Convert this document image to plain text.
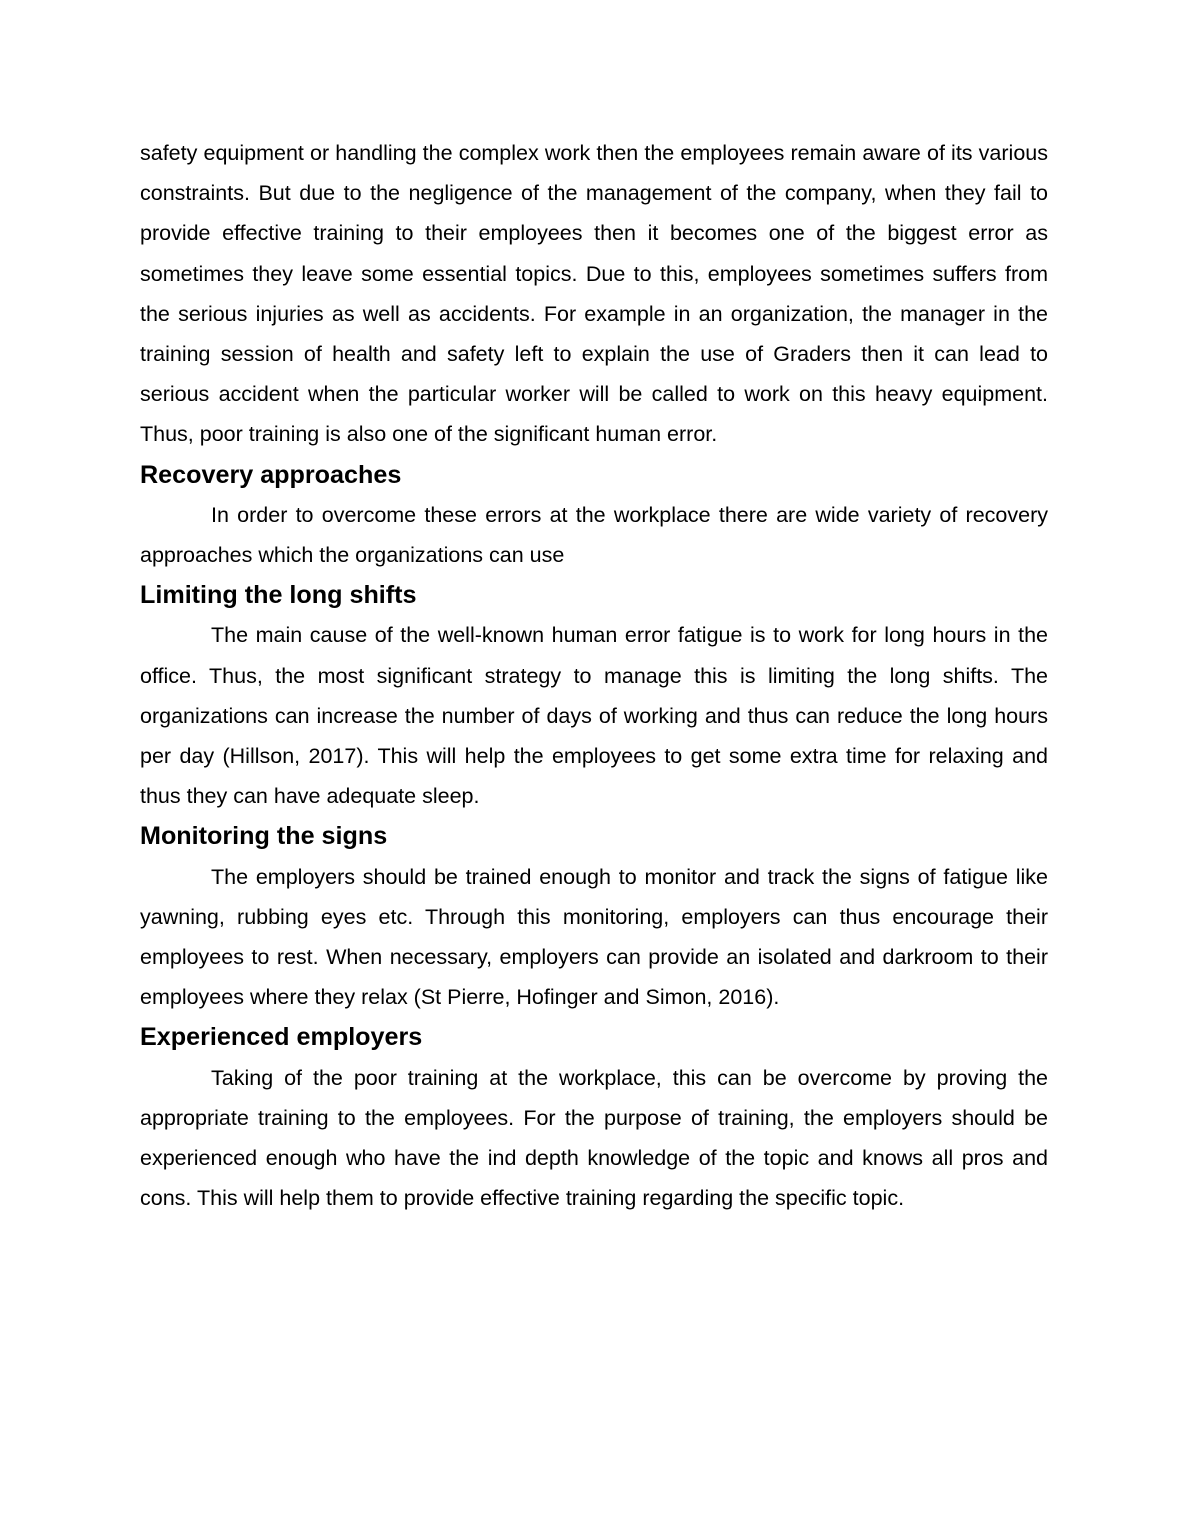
safety equipment or handling the complex work then the employees remain aware of its various constraints. But due to the negligence of the management of the company, when they fail to provide effective training to their employees then it becomes one of the biggest error as sometimes they leave some essential topics. Due to this, employees sometimes suffers from the serious injuries as well as accidents. For example in an organization, the manager in the training session of health and safety left to explain the use of Graders then it can lead to serious accident when the particular worker will be called to work on this heavy equipment. Thus, poor training is also one of the significant human error.

Recovery approaches

In order to overcome these errors at the workplace there are wide variety of recovery approaches which the organizations can use

Limiting the long shifts

The main cause of the well-known human error fatigue is to work for long hours in the office. Thus, the most significant strategy to manage this is limiting the long shifts. The organizations can increase the number of days of working and thus can reduce the long hours per day (Hillson, 2017). This will help the employees to get some extra time for relaxing and thus they can have adequate sleep.

Monitoring the signs

The employers should be trained enough to monitor and track the signs of fatigue like yawning, rubbing eyes etc. Through this monitoring, employers can thus encourage their employees to rest. When necessary, employers can provide an isolated and darkroom to their employees where they relax (St Pierre, Hofinger and Simon, 2016).

Experienced employers

Taking of the poor training at the workplace, this can be overcome by proving the appropriate training to the employees. For the purpose of training, the employers should be experienced enough who have the ind depth knowledge of the topic and knows all pros and cons. This will help them to provide effective training regarding the specific topic.
